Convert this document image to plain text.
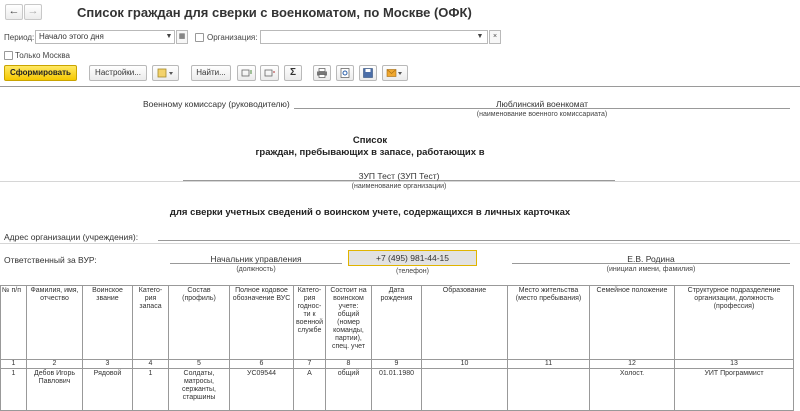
← →	Список граждан для сверки с военкоматом, по Москве (ОФК)
Период: Начало этого дня	▼ ▦	Организация:	▼	×
Только Москва
Сформировать	Настройки...	Найти...	Σ
Военному комиссару (руководителю)	Люблинский военкомат
(наименование военного комиссариата)
Список
граждан, пребывающих в запасе, работающих в
ЗУП Тест (ЗУП Тест)
(наименование организации)
для сверки учетных сведений о воинском учете, содержащихся в личных карточках
Адрес организации (учреждения):
Ответственный за ВУР:	Начальник управления
(должность)
+7 (495) 981-44-15
(телефон)
Е.В. Родина
(инициал имени, фамилия)
№ п/п	Фамилия, имя, отчество	Воинское звание	Катего-рия запаса	Состав (профиль)	Полное кодовое обозначение ВУС	Катего-рия годнос-ти к военной службе	Состоит на воинском учете: общий (номер команды, партии), спец. учет	Дата рождения	Образование	Место жительства (место пребывания)	Семейное положение	Структурное подразделение организации, должность (профессия)
1	2	3	4	5	6	7	8	9	10	11	12	13
1	Дебов Игорь Павлович	Рядовой	1	Солдаты, матросы, сержанты, старшины	УС09544	А	общий	01.01.1980			Холост.	УИТ Программист
